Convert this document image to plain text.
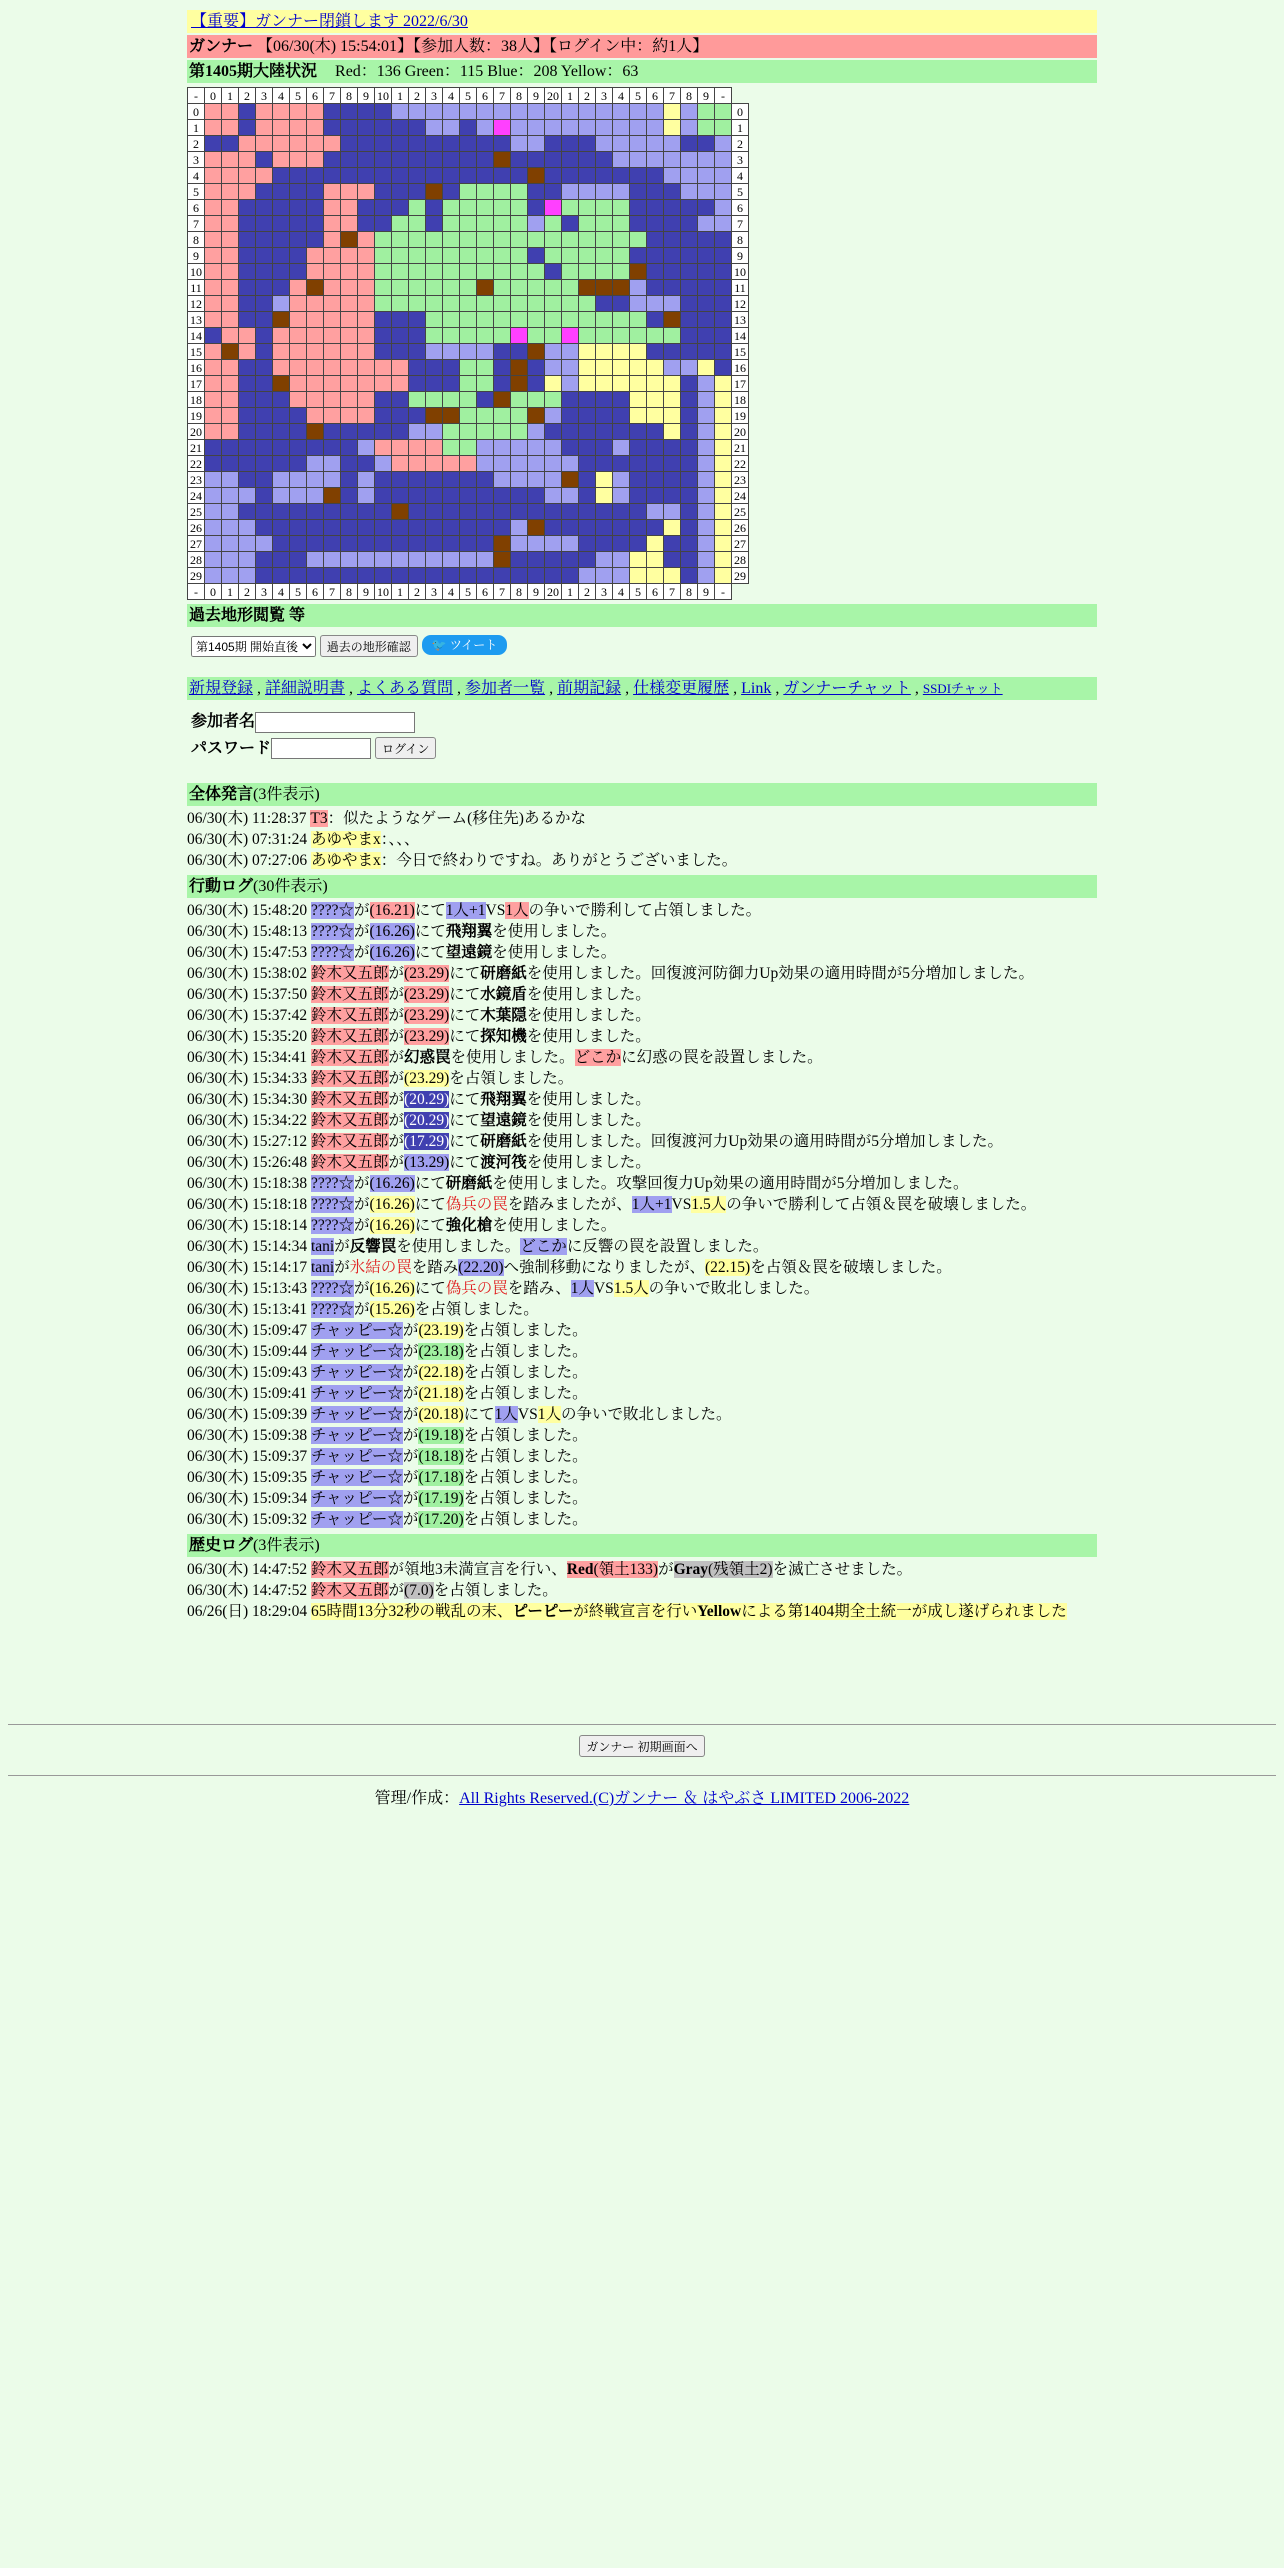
【重要】ガンナー閉鎖します 2022/6/30
ガンナー 【06/30(木) 15:54:01】【参加人数：38人】【ログイン中：約1人】
第1405期大陸状況 Red：136 Green：115 Blue：208 Yellow：63
-	0	1	2	3	4	5	6	7	8	9	10	1	2	3	4	5	6	7	8	9	20	1	2	3	4	5	6	7	8	9	-	
0																																0
1																																1
2																																2
3																																3
4																																4
5																																5
6																																6
7																																7
8																																8
9																																9
10																																10
11																																11
12																																12
13																																13
14																																14
15																																15
16																																16
17																																17
18																																18
19																																19
20																																20
21																																21
22																																22
23																																23
24																																24
25																																25
26																																26
27																																27
28																																28
29																																29
-	0	1	2	3	4	5	6	7	8	9	10	1	2	3	4	5	6	7	8	9	20	1	2	3	4	5	6	7	8	9	-	
過去地形閲覧 等
第1405期 開始直後 過去の地形確認 🐦 ツイート
新規登録 , 詳細説明書 , よくある質問 , 参加者一覧 , 前期記録 , 仕様変更履歴 , Link , ガンナーチャット , SSDIチャット
参加者名
パスワード	ログイン
全体発言(3件表示)
06/30(木) 11:28:37 T3：似たようなゲーム(移住先)あるかな
06/30(木) 07:31:24 あゆやまx：、、、
06/30(木) 07:27:06 あゆやまx：今日で終わりですね。ありがとうございました。
行動ログ(30件表示)
06/30(木) 15:48:20 ????☆が(16.21)にて1人+1VS1人の争いで勝利して占領しました。
06/30(木) 15:48:13 ????☆が(16.26)にて飛翔翼を使用しました。
06/30(木) 15:47:53 ????☆が(16.26)にて望遠鏡を使用しました。
06/30(木) 15:38:02 鈴木又五郎が(23.29)にて研磨紙を使用しました。回復渡河防御力Up効果の適用時間が5分増加しました。
06/30(木) 15:37:50 鈴木又五郎が(23.29)にて水鏡盾を使用しました。
06/30(木) 15:37:42 鈴木又五郎が(23.29)にて木葉隠を使用しました。
06/30(木) 15:35:20 鈴木又五郎が(23.29)にて探知機を使用しました。
06/30(木) 15:34:41 鈴木又五郎が幻惑罠を使用しました。どこかに幻惑の罠を設置しました。
06/30(木) 15:34:33 鈴木又五郎が(23.29)を占領しました。
06/30(木) 15:34:30 鈴木又五郎が(20.29)にて飛翔翼を使用しました。
06/30(木) 15:34:22 鈴木又五郎が(20.29)にて望遠鏡を使用しました。
06/30(木) 15:27:12 鈴木又五郎が(17.29)にて研磨紙を使用しました。回復渡河力Up効果の適用時間が5分増加しました。
06/30(木) 15:26:48 鈴木又五郎が(13.29)にて渡河筏を使用しました。
06/30(木) 15:18:38 ????☆が(16.26)にて研磨紙を使用しました。攻撃回復力Up効果の適用時間が5分増加しました。
06/30(木) 15:18:18 ????☆が(16.26)にて偽兵の罠を踏みましたが、1人+1VS1.5人の争いで勝利して占領＆罠を破壊しました。
06/30(木) 15:18:14 ????☆が(16.26)にて強化槍を使用しました。
06/30(木) 15:14:34 taniが反響罠を使用しました。どこかに反響の罠を設置しました。
06/30(木) 15:14:17 taniが氷結の罠を踏み(22.20)へ強制移動になりましたが、(22.15)を占領＆罠を破壊しました。
06/30(木) 15:13:43 ????☆が(16.26)にて偽兵の罠を踏み、1人VS1.5人の争いで敗北しました。
06/30(木) 15:13:41 ????☆が(15.26)を占領しました。
06/30(木) 15:09:47 チャッピー☆が(23.19)を占領しました。
06/30(木) 15:09:44 チャッピー☆が(23.18)を占領しました。
06/30(木) 15:09:43 チャッピー☆が(22.18)を占領しました。
06/30(木) 15:09:41 チャッピー☆が(21.18)を占領しました。
06/30(木) 15:09:39 チャッピー☆が(20.18)にて1人VS1人の争いで敗北しました。
06/30(木) 15:09:38 チャッピー☆が(19.18)を占領しました。
06/30(木) 15:09:37 チャッピー☆が(18.18)を占領しました。
06/30(木) 15:09:35 チャッピー☆が(17.18)を占領しました。
06/30(木) 15:09:34 チャッピー☆が(17.19)を占領しました。
06/30(木) 15:09:32 チャッピー☆が(17.20)を占領しました。
歴史ログ(3件表示)
06/30(木) 14:47:52 鈴木又五郎が領地3未満宣言を行い、Red(領土133)がGray(残領土2)を滅亡させました。
06/30(木) 14:47:52 鈴木又五郎が(7.0)を占領しました。
06/26(日) 18:29:04 65時間13分32秒の戦乱の末、ピーピーが終戦宣言を行いYellowによる第1404期全土統一が成し遂げられました
ガンナー 初期画面へ
管理/作成：All Rights Reserved.(C)ガンナー ＆ はやぶさ LIMITED 2006-2022
